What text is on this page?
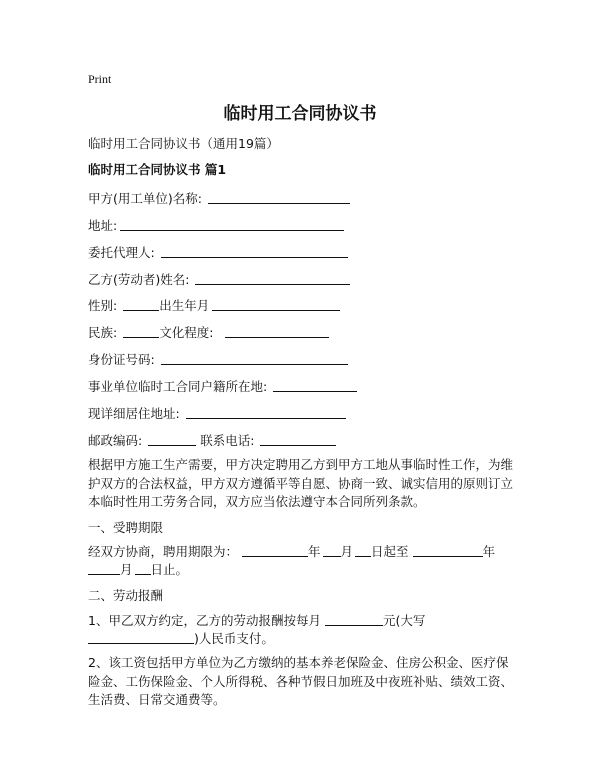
Print
临时用工合同协议书
临时用工合同协议书（通用19篇）
临时用工合同协议书 篇1
甲方(用工单位)名称:
地址:
委托代理人:
乙方(劳动者)姓名:
性别:	出生年月
民族:	文化程度:
身份证号码:
事业单位临时工合同户籍所在地:
现详细居住地址:
邮政编码:	联系电话:
根据甲方施工生产需要，甲方决定聘用乙方到甲方工地从事临时性工作，为维护双方的合法权益，甲方双方遵循平等自愿、协商一致、诚实信用的原则订立本临时性用工劳务合同，双方应当依法遵守本合同所列条款。
一、受聘期限
经双方协商，聘用期限为：	年 月 日起至	年
月 日止。
二、劳动报酬
1、甲乙双方约定，乙方的劳动报酬按每月	元(大写
)人民币支付。
2、该工资包括甲方单位为乙方缴纳的基本养老保险金、住房公积金、医疗保险金、工伤保险金、个人所得税、各种节假日加班及中夜班补贴、绩效工资、生活费、日常交通费等。
